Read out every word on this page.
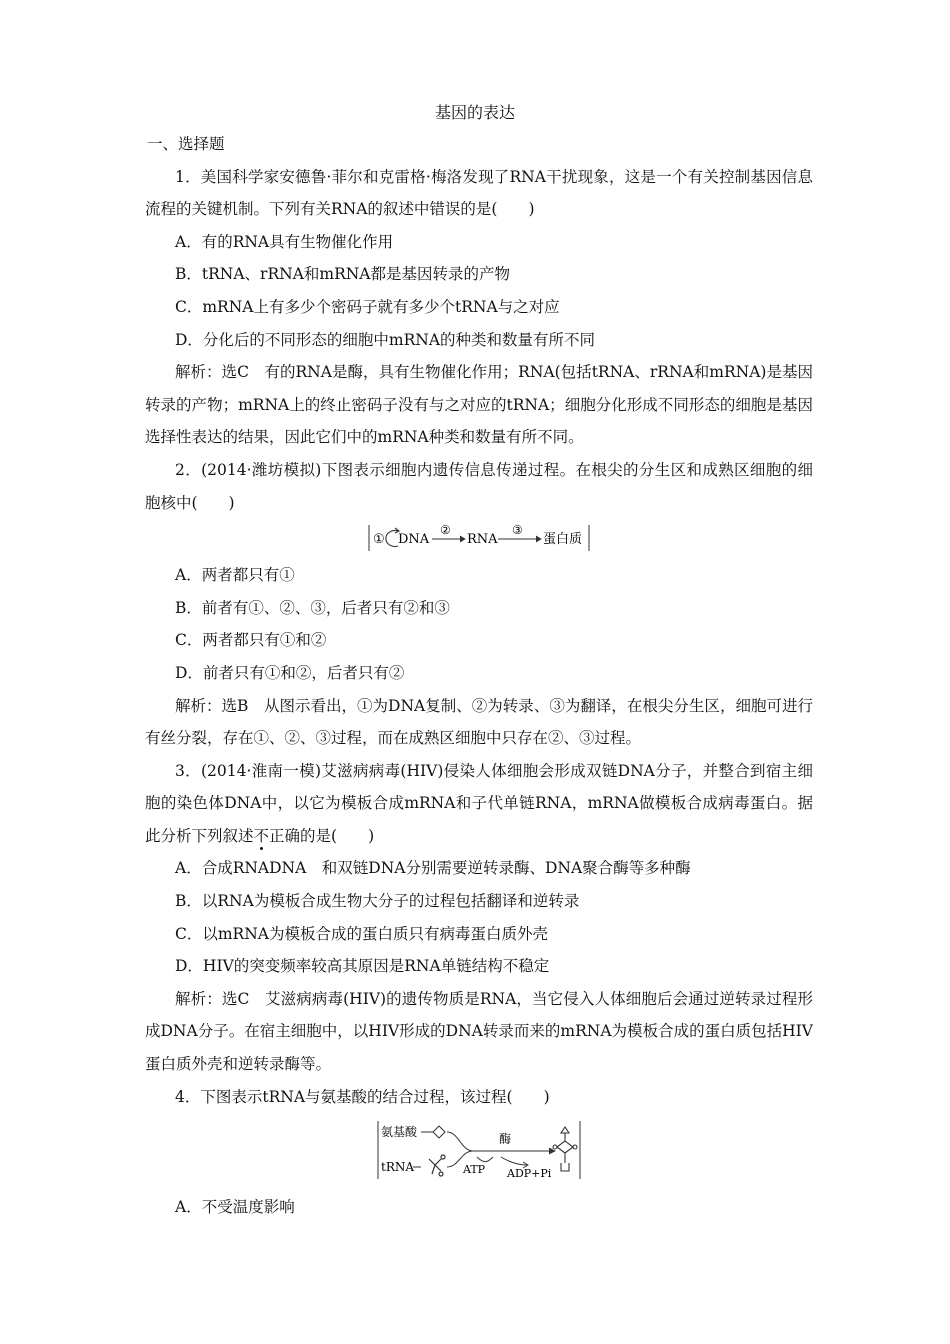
基因的表达

一、选择题

1．美国科学家安德鲁·菲尔和克雷格·梅洛发现了RNA干扰现象，这是一个有关控制基因信息流程的关键机制。下列有关RNA的叙述中错误的是(　　)

A．有的RNA具有生物催化作用

B．tRNA、rRNA和mRNA都是基因转录的产物

C．mRNA上有多少个密码子就有多少个tRNA与之对应

D．分化后的不同形态的细胞中mRNA的种类和数量有所不同

解析：选C　有的RNA是酶，具有生物催化作用；RNA(包括tRNA、rRNA和mRNA)是基因转录的产物；mRNA上的终止密码子没有与之对应的tRNA；细胞分化形成不同形态的细胞是基因选择性表达的结果，因此它们中的mRNA种类和数量有所不同。

2．(2014·潍坊模拟)下图表示细胞内遗传信息传递过程。在根尖的分生区和成熟区细胞的细胞核中(　　)

① DNA
②
RNA
③
蛋白质

A．两者都只有①

B．前者有①、②、③，后者只有②和③

C．两者都只有①和②

D．前者只有①和②，后者只有②

解析：选B　从图示看出，①为DNA复制、②为转录、③为翻译，在根尖分生区，细胞可进行有丝分裂，存在①、②、③过程，而在成熟区细胞中只存在②、③过程。

3．(2014·淮南一模)艾滋病病毒(HIV)侵染人体细胞会形成双链DNA分子，并整合到宿主细胞的染色体DNA中，以它为模板合成mRNA和子代单链RNA，mRNA做模板合成病毒蛋白。据此分析下列叙述不正确的是(　　)

A．合成RNADNA　和双链DNA分别需要逆转录酶、DNA聚合酶等多种酶

B．以RNA为模板合成生物大分子的过程包括翻译和逆转录

C．以mRNA为模板合成的蛋白质只有病毒蛋白质外壳

D．HIV的突变频率较高其原因是RNA单链结构不稳定

解析：选C　艾滋病病毒(HIV)的遗传物质是RNA，当它侵入人体细胞后会通过逆转录过程形成DNA分子。在宿主细胞中，以HIV形成的DNA转录而来的mRNA为模板合成的蛋白质包括HIV蛋白质外壳和逆转录酶等。

4．下图表示tRNA与氨基酸的结合过程，该过程(　　)

氨基酸
tRNA
酶
ATP ADP+Pi

A．不受温度影响
